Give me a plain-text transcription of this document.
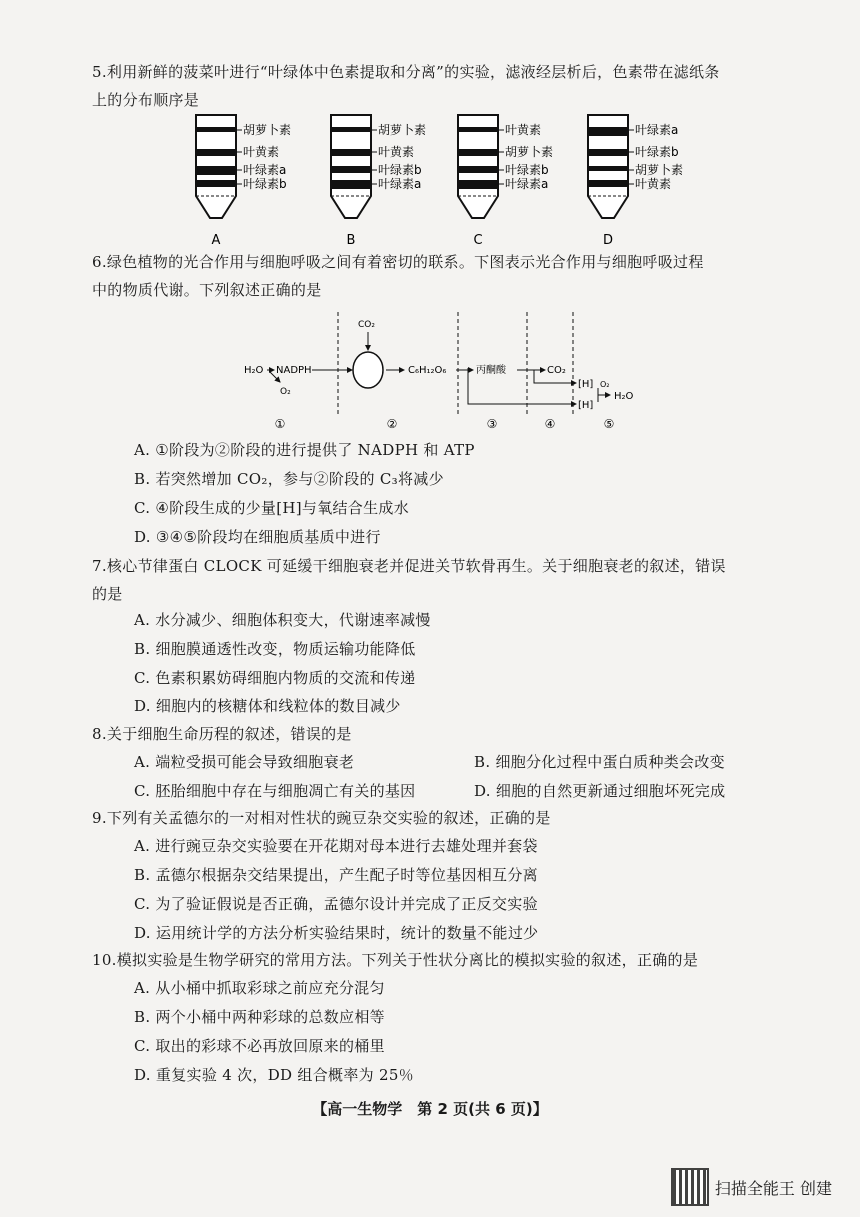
5.利用新鲜的菠菜叶进行“叶绿体中色素提取和分离”的实验，滤液经层析后，色素带在滤纸条
上的分布顺序是
胡萝卜素
叶黄素
叶绿素a
叶绿素b
A
胡萝卜素
叶黄素
叶绿素b
叶绿素a
B
叶黄素
胡萝卜素
叶绿素b
叶绿素a
C
叶绿素a
叶绿素b
胡萝卜素
叶黄素
D
6.绿色植物的光合作用与细胞呼吸之间有着密切的联系。下图表示光合作用与细胞呼吸过程
中的物质代谢。下列叙述正确的是
H₂O NADPH
O₂
CO₂
C₆H₁₂O₆	丙酮酸	CO₂
[H]
[H]
O₂
H₂O
①	②	③	④	⑤
A. ①阶段为②阶段的进行提供了 NADPH 和 ATP
B. 若突然增加 CO₂，参与②阶段的 C₃将减少
C. ④阶段生成的少量[H]与氧结合生成水
D. ③④⑤阶段均在细胞质基质中进行
7.核心节律蛋白 CLOCK 可延缓干细胞衰老并促进关节软骨再生。关于细胞衰老的叙述，错误
的是
A. 水分减少、细胞体积变大，代谢速率减慢
B. 细胞膜通透性改变，物质运输功能降低
C. 色素积累妨碍细胞内物质的交流和传递
D. 细胞内的核糖体和线粒体的数目减少
8.关于细胞生命历程的叙述，错误的是
A. 端粒受损可能会导致细胞衰老	B. 细胞分化过程中蛋白质种类会改变
C. 胚胎细胞中存在与细胞凋亡有关的基因	D. 细胞的自然更新通过细胞坏死完成
9.下列有关孟德尔的一对相对性状的豌豆杂交实验的叙述，正确的是
A. 进行豌豆杂交实验要在开花期对母本进行去雄处理并套袋
B. 孟德尔根据杂交结果提出，产生配子时等位基因相互分离
C. 为了验证假说是否正确，孟德尔设计并完成了正反交实验
D. 运用统计学的方法分析实验结果时，统计的数量不能过少
10.模拟实验是生物学研究的常用方法。下列关于性状分离比的模拟实验的叙述，正确的是
A. 从小桶中抓取彩球之前应充分混匀
B. 两个小桶中两种彩球的总数应相等
C. 取出的彩球不必再放回原来的桶里
D. 重复实验 4 次，DD 组合概率为 25％
【高一生物学　第 2 页(共 6 页)】
扫描全能王 创建
